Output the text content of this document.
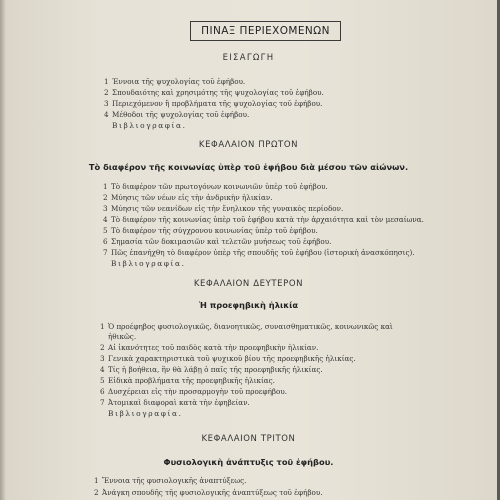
ΠΙΝΑΞ ΠΕΡΙΕΧΟΜΕΝΩΝ
ΕΙΣΑΓΩΓΗ
1 Έννοια τῆς ψυχολογίας τοῦ ἐφήβου.
2 Σπουδαιότης καὶ χρησιμότης τῆς ψυχολογίας τοῦ ἐφήβου.
3 Περιεχόμενον ἢ προβλήματα τῆς ψυχολογίας τοῦ ἐφήβου.
4 Μέθοδοι τῆς ψυχολογίας τοῦ ἐφήβου.
Βιβλιογραφία.
ΚΕΦΑΛΑΙΟΝ ΠΡΩΤΟΝ
Τὸ διαφέρον τῆς κοινωνίας ὑπὲρ τοῦ ἐφήβου διὰ μέσου τῶν αἰώνων.
1 Τὸ διαφέρον τῶν πρωτογόνων κοινωνιῶν ὑπὲρ τοῦ ἐφήβου.
2 Μύησις τῶν νέων εἰς τὴν ἀνδρικὴν ἡλικίαν.
3 Μύησις τῶν νεανίδων εἰς τὴν ἔνηλικον τῆς γυναικὸς περίοδον.
4 Τὸ διαφέρον τῆς κοινωνίας ὑπὲρ τοῦ ἐφήβου κατὰ τὴν ἀρχαιότητα καὶ τὸν μεσαίωνα.
5 Τὸ διαφέρον τῆς σύγχρονου κοινωνίας ὑπὲρ τοῦ ἐφήβου.
6 Σημασία τῶν δοκιμασιῶν καὶ τελετῶν μυήσεως τοῦ ἐφήβου.
7 Πῶς ἐπανήχθη τὸ διαφέρον ὑπὲρ τῆς σπουδῆς τοῦ ἐφήβου (ἱστορικὴ ἀνασκόπησις).
Βιβλιογραφία.
ΚΕΦΑΛΑΙΟΝ ΔΕΥΤΕΡΟΝ
Ἡ προεφηβικὴ ἡλικία
1 Ὁ προέφηβος φυσιολογικῶς, διανοητικῶς, συναισθηματικῶς, κοινωνικῶς καὶ
ἠθικῶς.
2 Αἱ ἱκανότητες τοῦ παιδὸς κατὰ τὴν προεφηβικὴν ἡλικίαν.
3 Γενικὰ χαρακτηριστικὰ τοῦ ψυχικοῦ βίου τῆς προεφηβικῆς ἡλικίας.
4 Τίς ἡ βοήθεια, ἣν θὰ λάβῃ ὁ παῖς τῆς προεφηβικῆς ἡλικίας.
5 Εἰδικὰ προβλήματα τῆς προεφηβικῆς ἡλικίας.
6 Δυσχέρειαι εἰς τὴν προσαρμογὴν τοῦ προεφήβου.
7 Ἀτομικαὶ διαφοραὶ κατὰ τὴν ἐφηβείαν.
Βιβλιογραφία.
ΚΕΦΑΛΑΙΟΝ ΤΡΙΤΟΝ
Φυσιολογικὴ ἀνάπτυξις τοῦ ἐφήβου.
1 Ἔννοια τῆς φυσιολογικῆς ἀναπτύξεως.
2 Ἀνάγκη σπουδῆς τῆς φυσιολογικῆς ἀναπτύξεως τοῦ ἐφήβου.
